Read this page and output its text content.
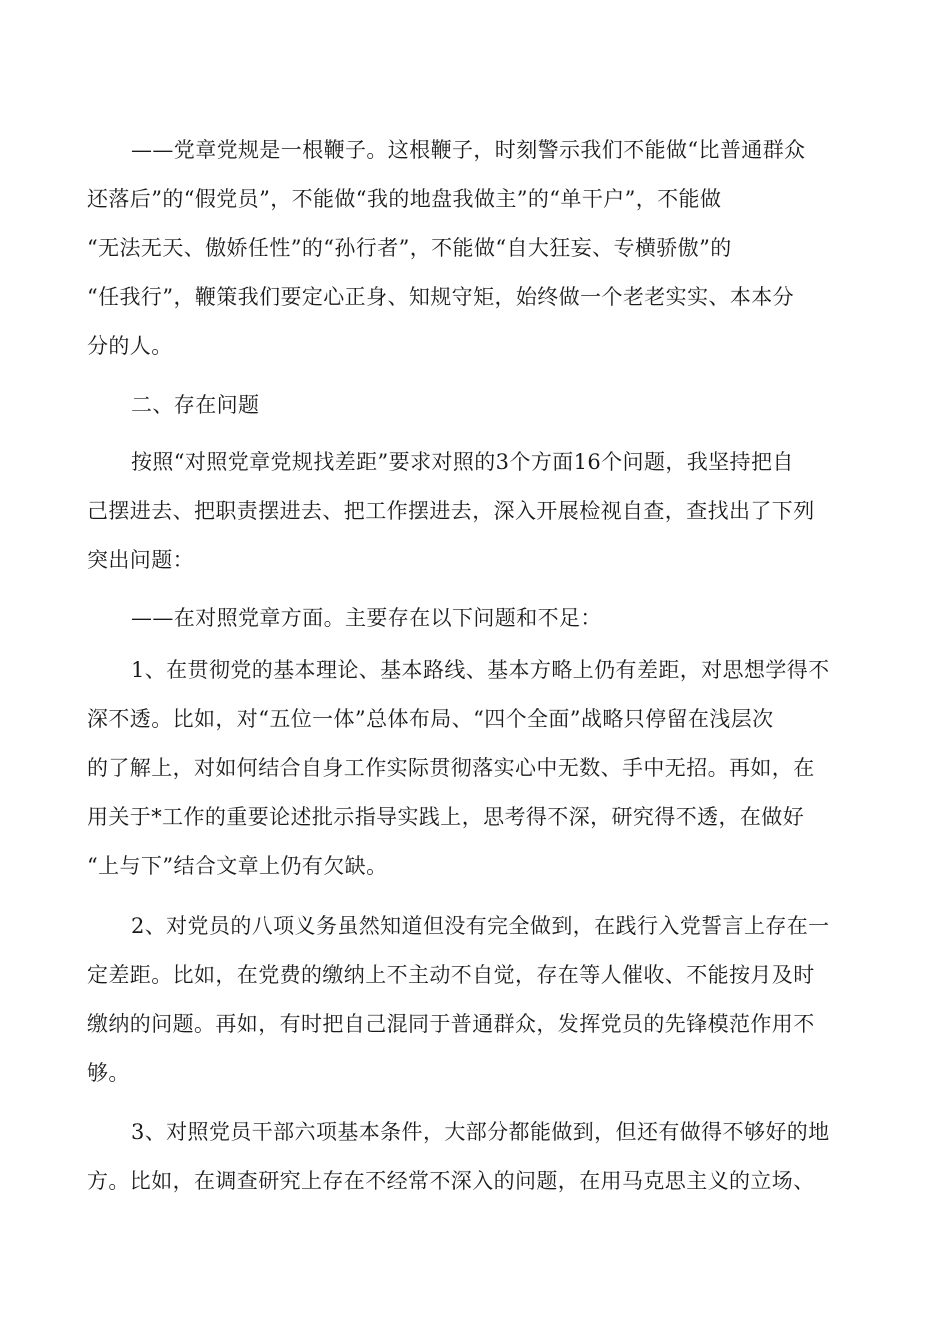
——党章党规是一根鞭子。这根鞭子，时刻警示我们不能做“比普通群众
还落后”的“假党员”，不能做“我的地盘我做主”的“单干户”，不能做
“无法无天、傲娇任性”的“孙行者”，不能做“自大狂妄、专横骄傲”的
“任我行”，鞭策我们要定心正身、知规守矩，始终做一个老老实实、本本分
分的人。
二、存在问题
按照“对照党章党规找差距”要求对照的3个方面16个问题，我坚持把自
己摆进去、把职责摆进去、把工作摆进去，深入开展检视自查，查找出了下列
突出问题：
——在对照党章方面。主要存在以下问题和不足：
1、在贯彻党的基本理论、基本路线、基本方略上仍有差距，对思想学得不
深不透。比如，对“五位一体”总体布局、“四个全面”战略只停留在浅层次
的了解上，对如何结合自身工作实际贯彻落实心中无数、手中无招。再如，在
用关于*工作的重要论述批示指导实践上，思考得不深，研究得不透，在做好
“上与下”结合文章上仍有欠缺。
2、对党员的八项义务虽然知道但没有完全做到，在践行入党誓言上存在一
定差距。比如，在党费的缴纳上不主动不自觉，存在等人催收、不能按月及时
缴纳的问题。再如，有时把自己混同于普通群众，发挥党员的先锋模范作用不
够。
3、对照党员干部六项基本条件，大部分都能做到，但还有做得不够好的地
方。比如，在调查研究上存在不经常不深入的问题，在用马克思主义的立场、
